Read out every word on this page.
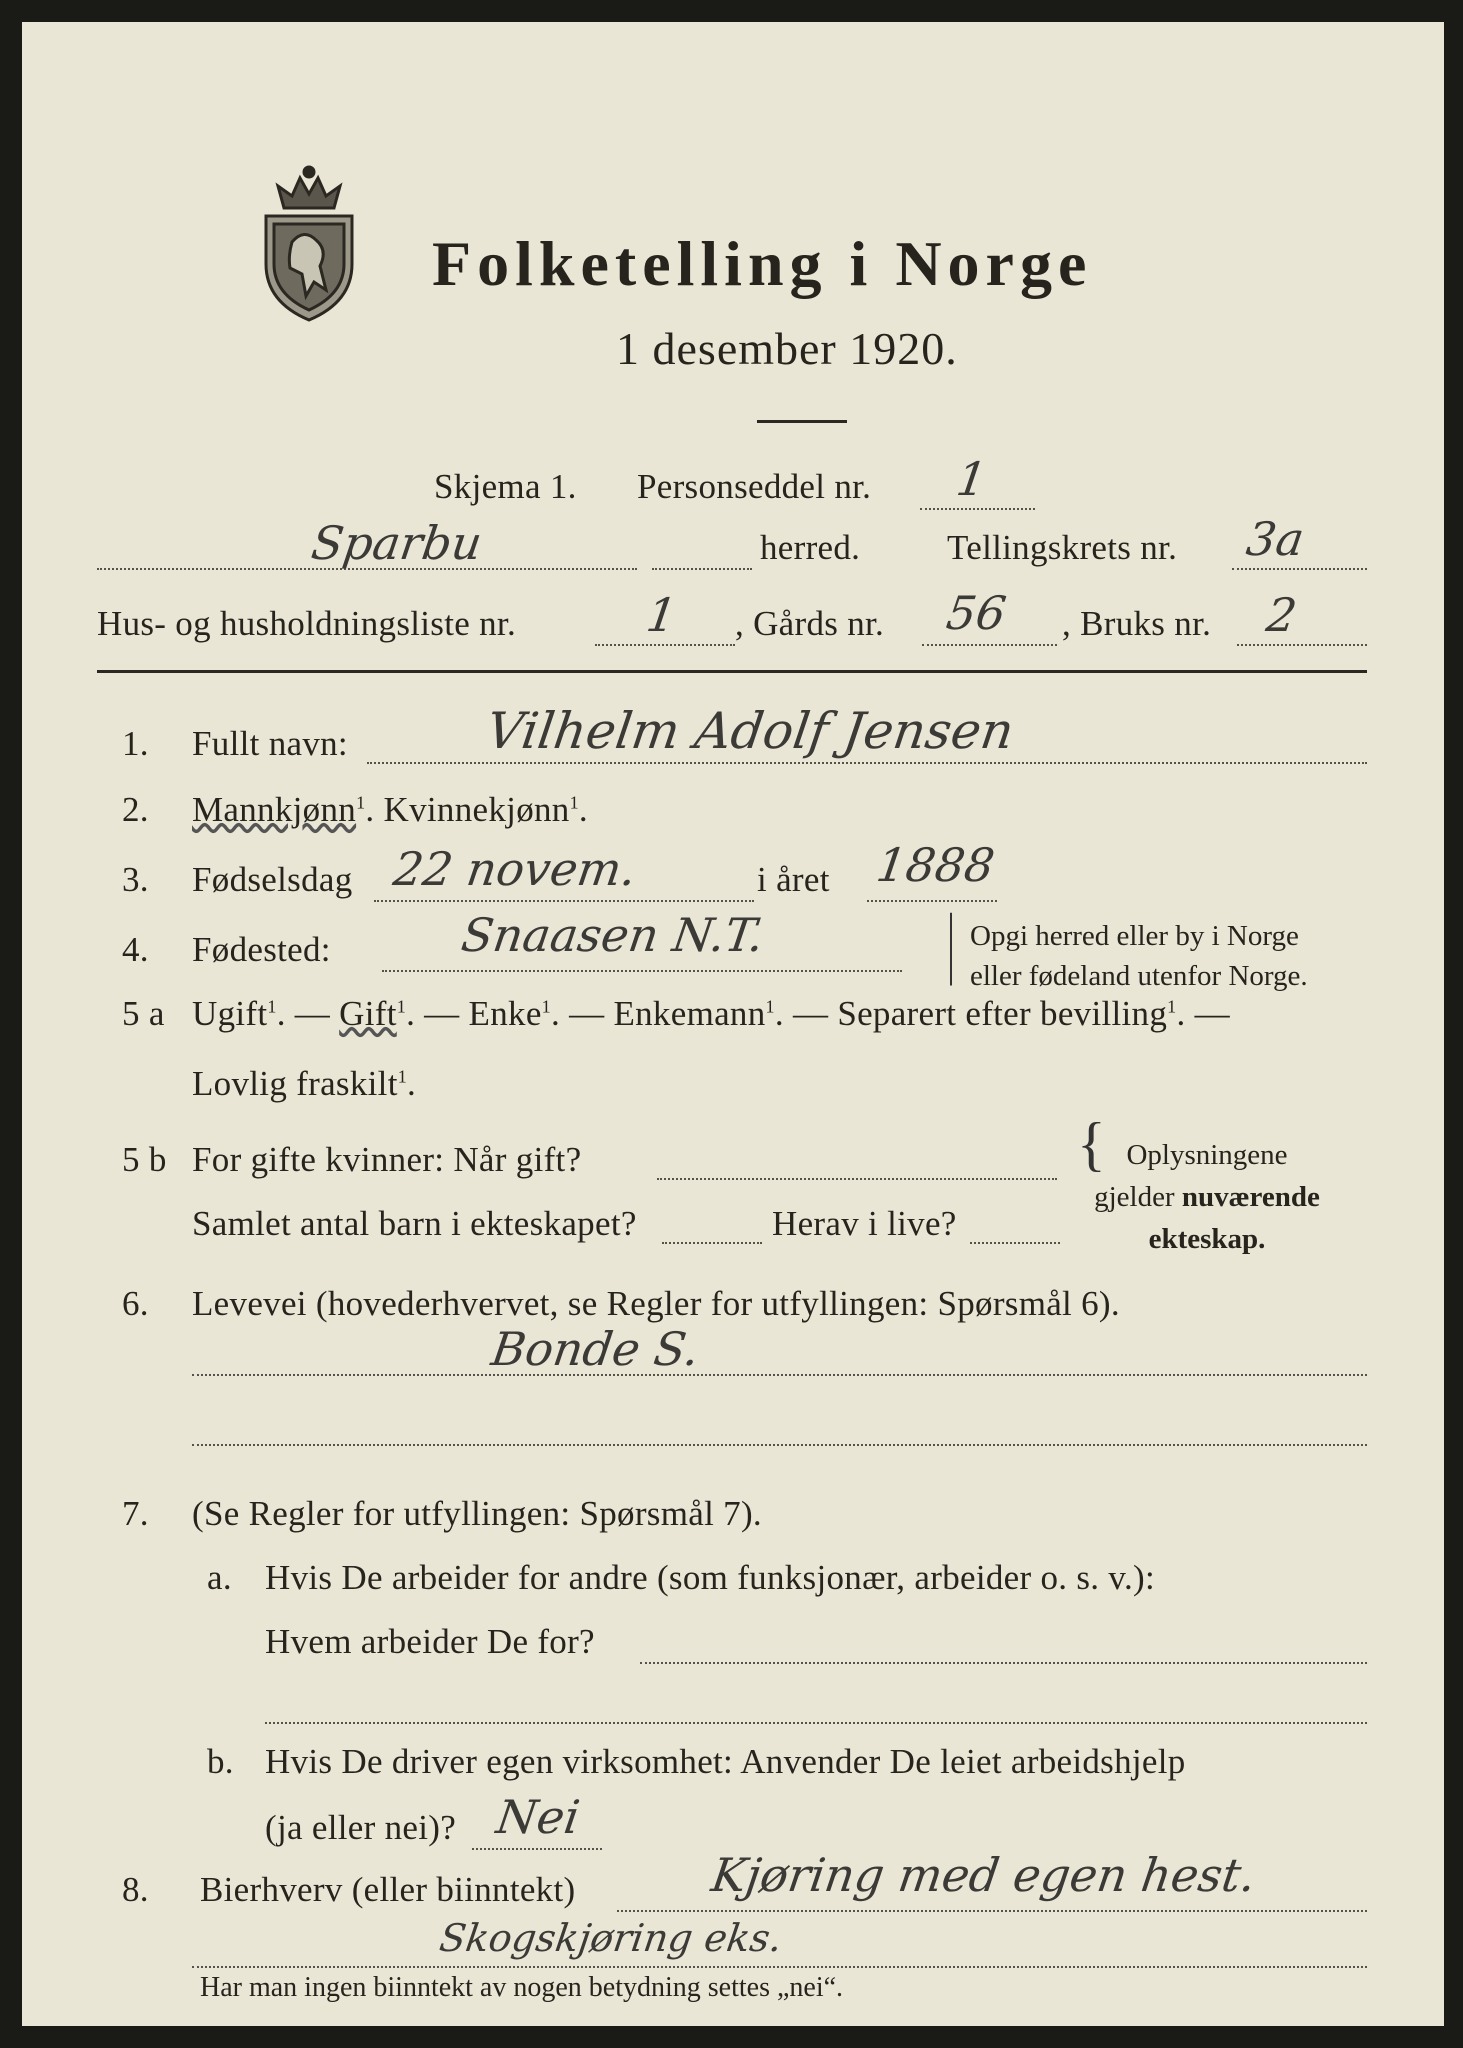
Folketelling i Norge
1 desember 1920.
Skjema 1. Personseddel nr. 1
Sparbu	herred. Tellingskrets nr. 3a
Hus- og husholdningsliste nr.	1 , Gårds nr. 56 , Bruks nr. 2
1. Fullt navn:	Vilhelm Adolf Jensen
2. Mannkjønn$^1$. Kvinnekjønn$^1$.
3. Fødselsdag 22 novem.	i året 1888
4. Fødested:	Snaasen N.T.	|
|
Opgi herred eller by i Norge
eller fødeland utenfor Norge.
5 a Ugift$^1$. — Gift$^1$. — Enke$^1$. — Enkemann$^1$. — Separert efter bevilling$^1$. —
Lovlig fraskilt$^1$.
5 b For gifte kvinner: Når gift?
Samlet antal barn i ekteskapet?	Herav i live?
{ Oplysningene
gjelder nuværende
ekteskap.
6. Levevei (hovederhvervet, se Regler for utfyllingen: Spørsmål 6).
Bonde S.
7. (Se Regler for utfyllingen: Spørsmål 7).
a. Hvis De arbeider for andre (som funksjonær, arbeider o. s. v.):
Hvem arbeider De for?
b. Hvis De driver egen virksomhet: Anvender De leiet arbeidshjelp
(ja eller nei)? Nei
8. Bierhverv (eller biinntekt)	Kjøring med egen hest.
Skogskjøring eks.
Har man ingen biinntekt av nogen betydning settes „nei“.
